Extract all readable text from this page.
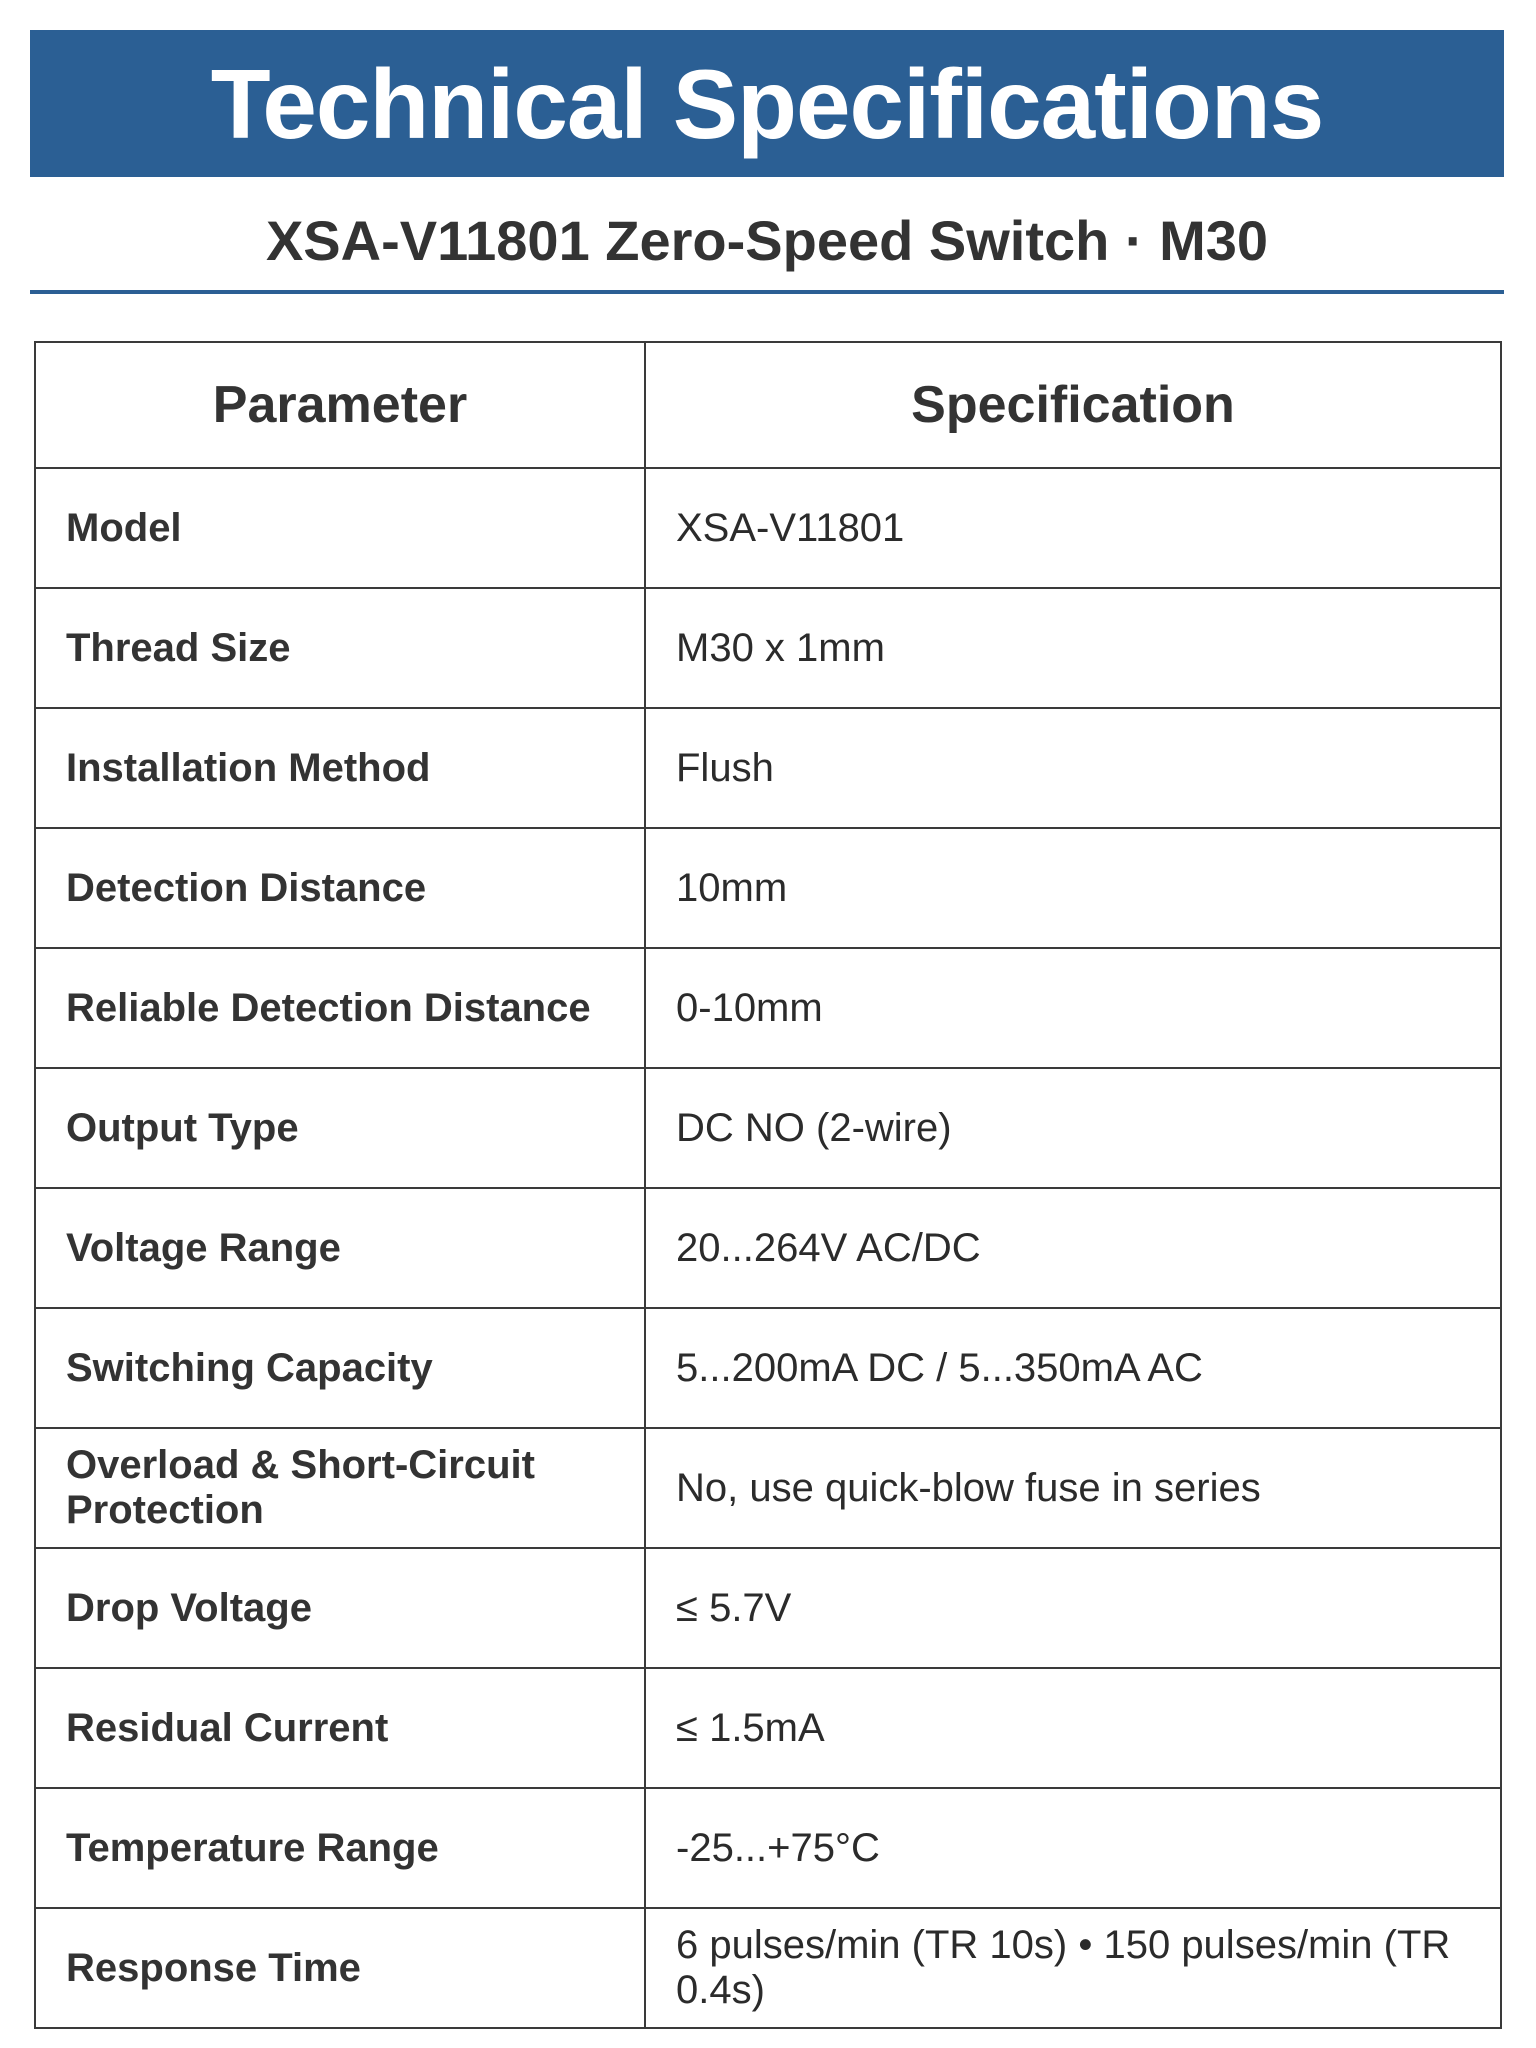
Technical Specifications
XSA-V11801 Zero-Speed Switch · M30
Parameter	Specification
Model	XSA-V11801
Thread Size	M30 x 1mm
Installation Method	Flush
Detection Distance	10mm
Reliable Detection Distance	0-10mm
Output Type	DC NO (2-wire)
Voltage Range	20...264V AC/DC
Switching Capacity	5...200mA DC / 5...350mA AC
Overload & Short-Circuit Protection	No, use quick-blow fuse in series
Drop Voltage	≤ 5.7V
Residual Current	≤ 1.5mA
Temperature Range	-25...+75°C
Response Time	6 pulses/min (TR 10s) • 150 pulses/min (TR 0.4s)
